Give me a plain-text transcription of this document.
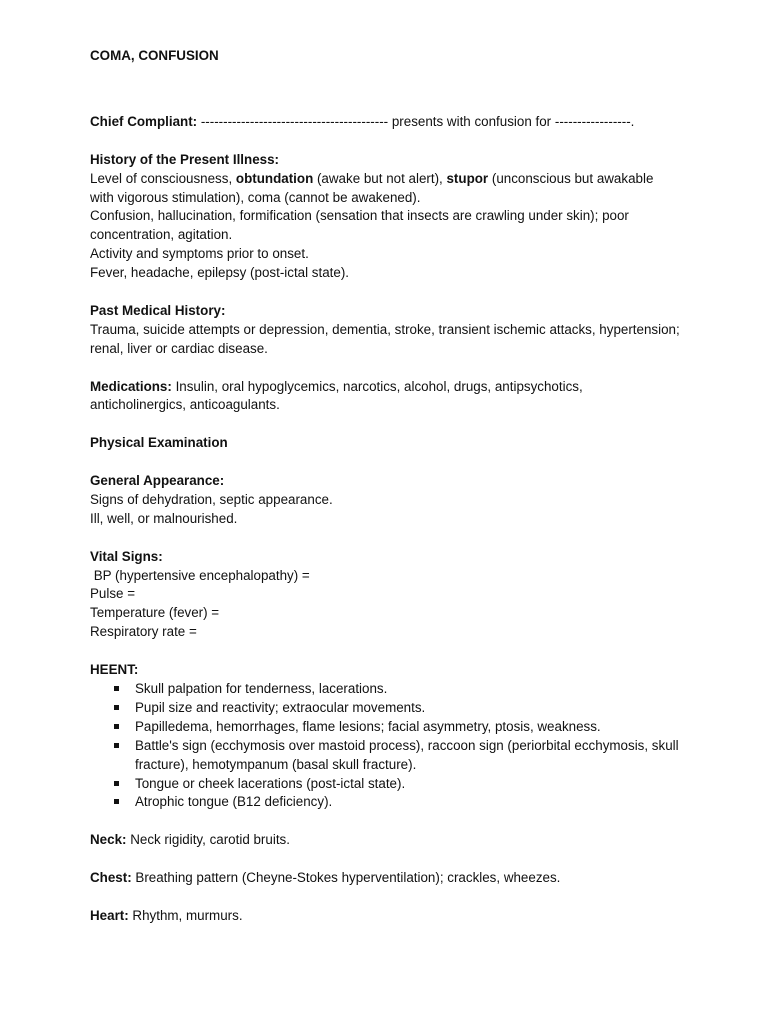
COMA, CONFUSION

Chief Compliant: ------------------------------------------ presents with confusion for -----------------.

History of the Present Illness:

Level of consciousness, obtundation (awake but not alert), stupor (unconscious but awakable with vigorous stimulation), coma (cannot be awakened).

Confusion, hallucination, formification (sensation that insects are crawling under skin); poor concentration, agitation.

Activity and symptoms prior to onset.

Fever, headache, epilepsy (post-ictal state).

Past Medical History:

Trauma, suicide attempts or depression, dementia, stroke, transient ischemic attacks, hypertension; renal, liver or cardiac disease.

Medications: Insulin, oral hypoglycemics, narcotics, alcohol, drugs, antipsychotics, anticholinergics, anticoagulants.

Physical Examination

General Appearance:

Signs of dehydration, septic appearance.

Ill, well, or malnourished.

Vital Signs:

BP (hypertensive encephalopathy) =

Pulse =

Temperature (fever) =

Respiratory rate =

HEENT:

Skull palpation for tenderness, lacerations.
Pupil size and reactivity; extraocular movements.
Papilledema, hemorrhages, flame lesions; facial asymmetry, ptosis, weakness.
Battle's sign (ecchymosis over mastoid process), raccoon sign (periorbital ecchymosis, skull fracture), hemotympanum (basal skull fracture).
Tongue or cheek lacerations (post-ictal state).
Atrophic tongue (B12 deficiency).

Neck: Neck rigidity, carotid bruits.

Chest: Breathing pattern (Cheyne-Stokes hyperventilation); crackles, wheezes.

Heart: Rhythm, murmurs.
